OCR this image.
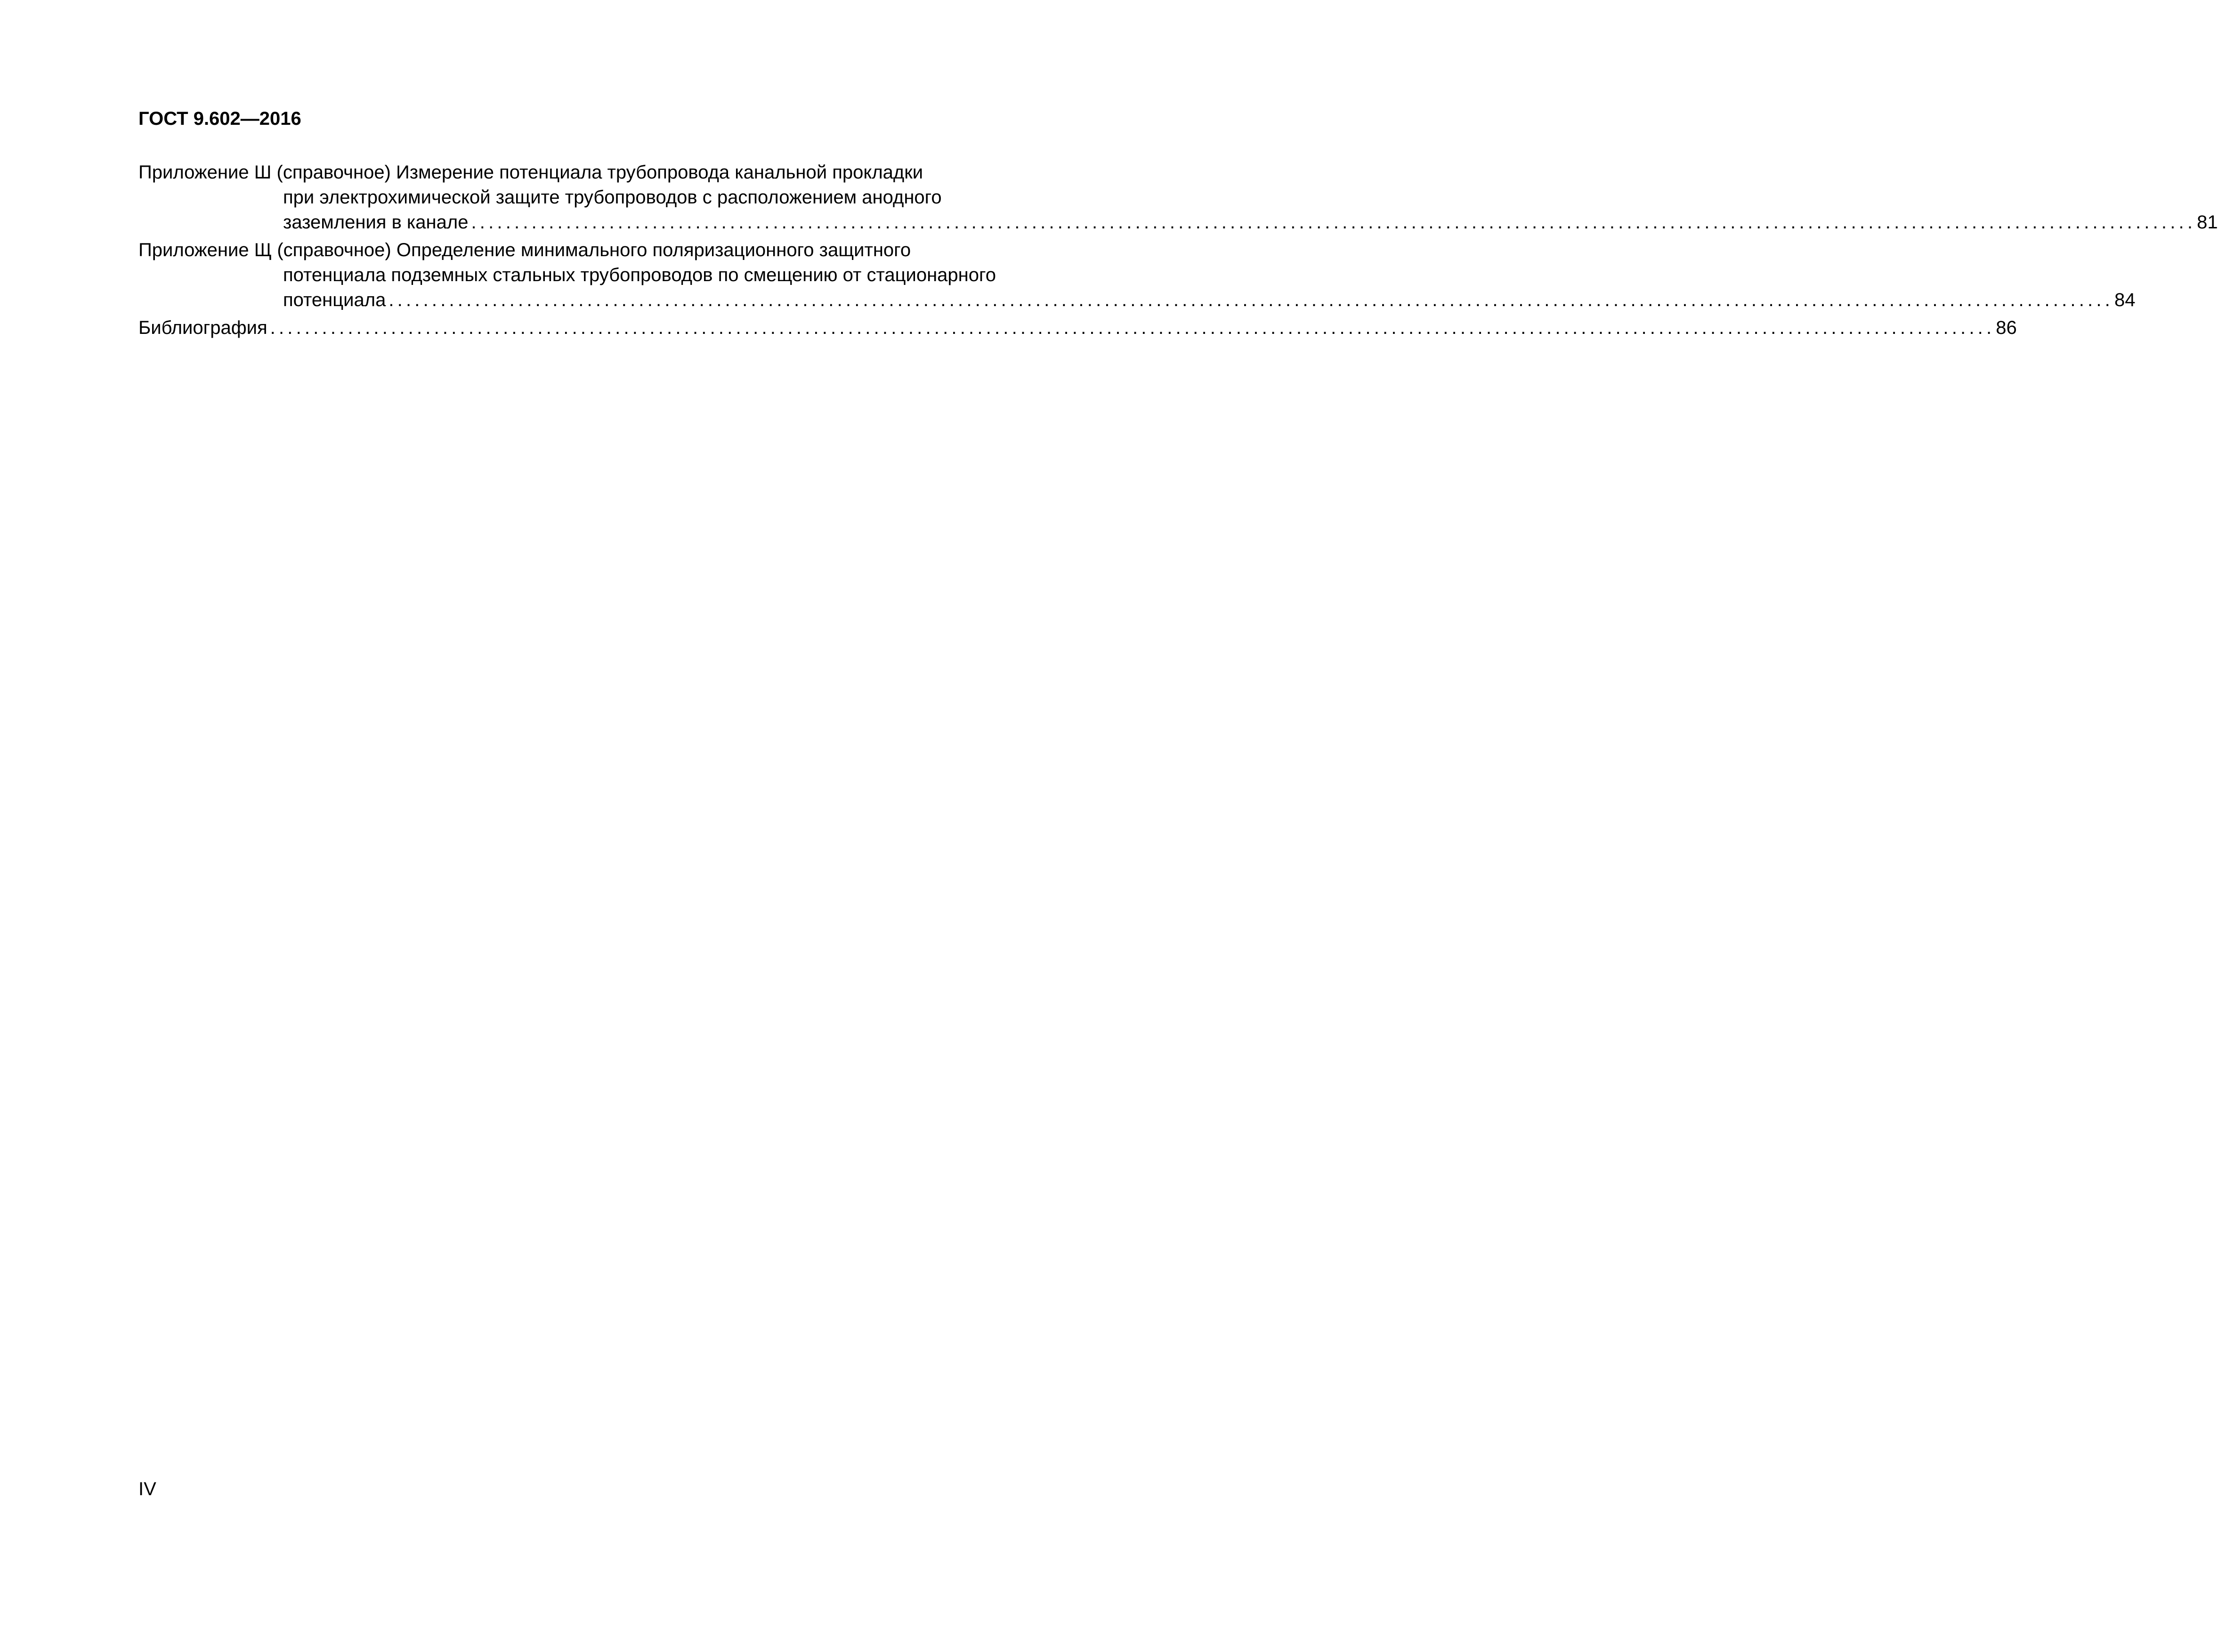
ГОСТ 9.602—2016
Приложение Ш (справочное) Измерение потенциала трубопровода канальной прокладки
при электрохимической защите трубопроводов с расположением анодного
заземления в канале ........................................................................................................................................................................................................ 81
Приложение Щ (справочное) Определение минимального поляризационного защитного
потенциала подземных стальных трубопроводов по смещению от стационарного
потенциала ........................................................................................................................................................................................................ 84
Библиография ........................................................................................................................................................................................................ 86
IV
